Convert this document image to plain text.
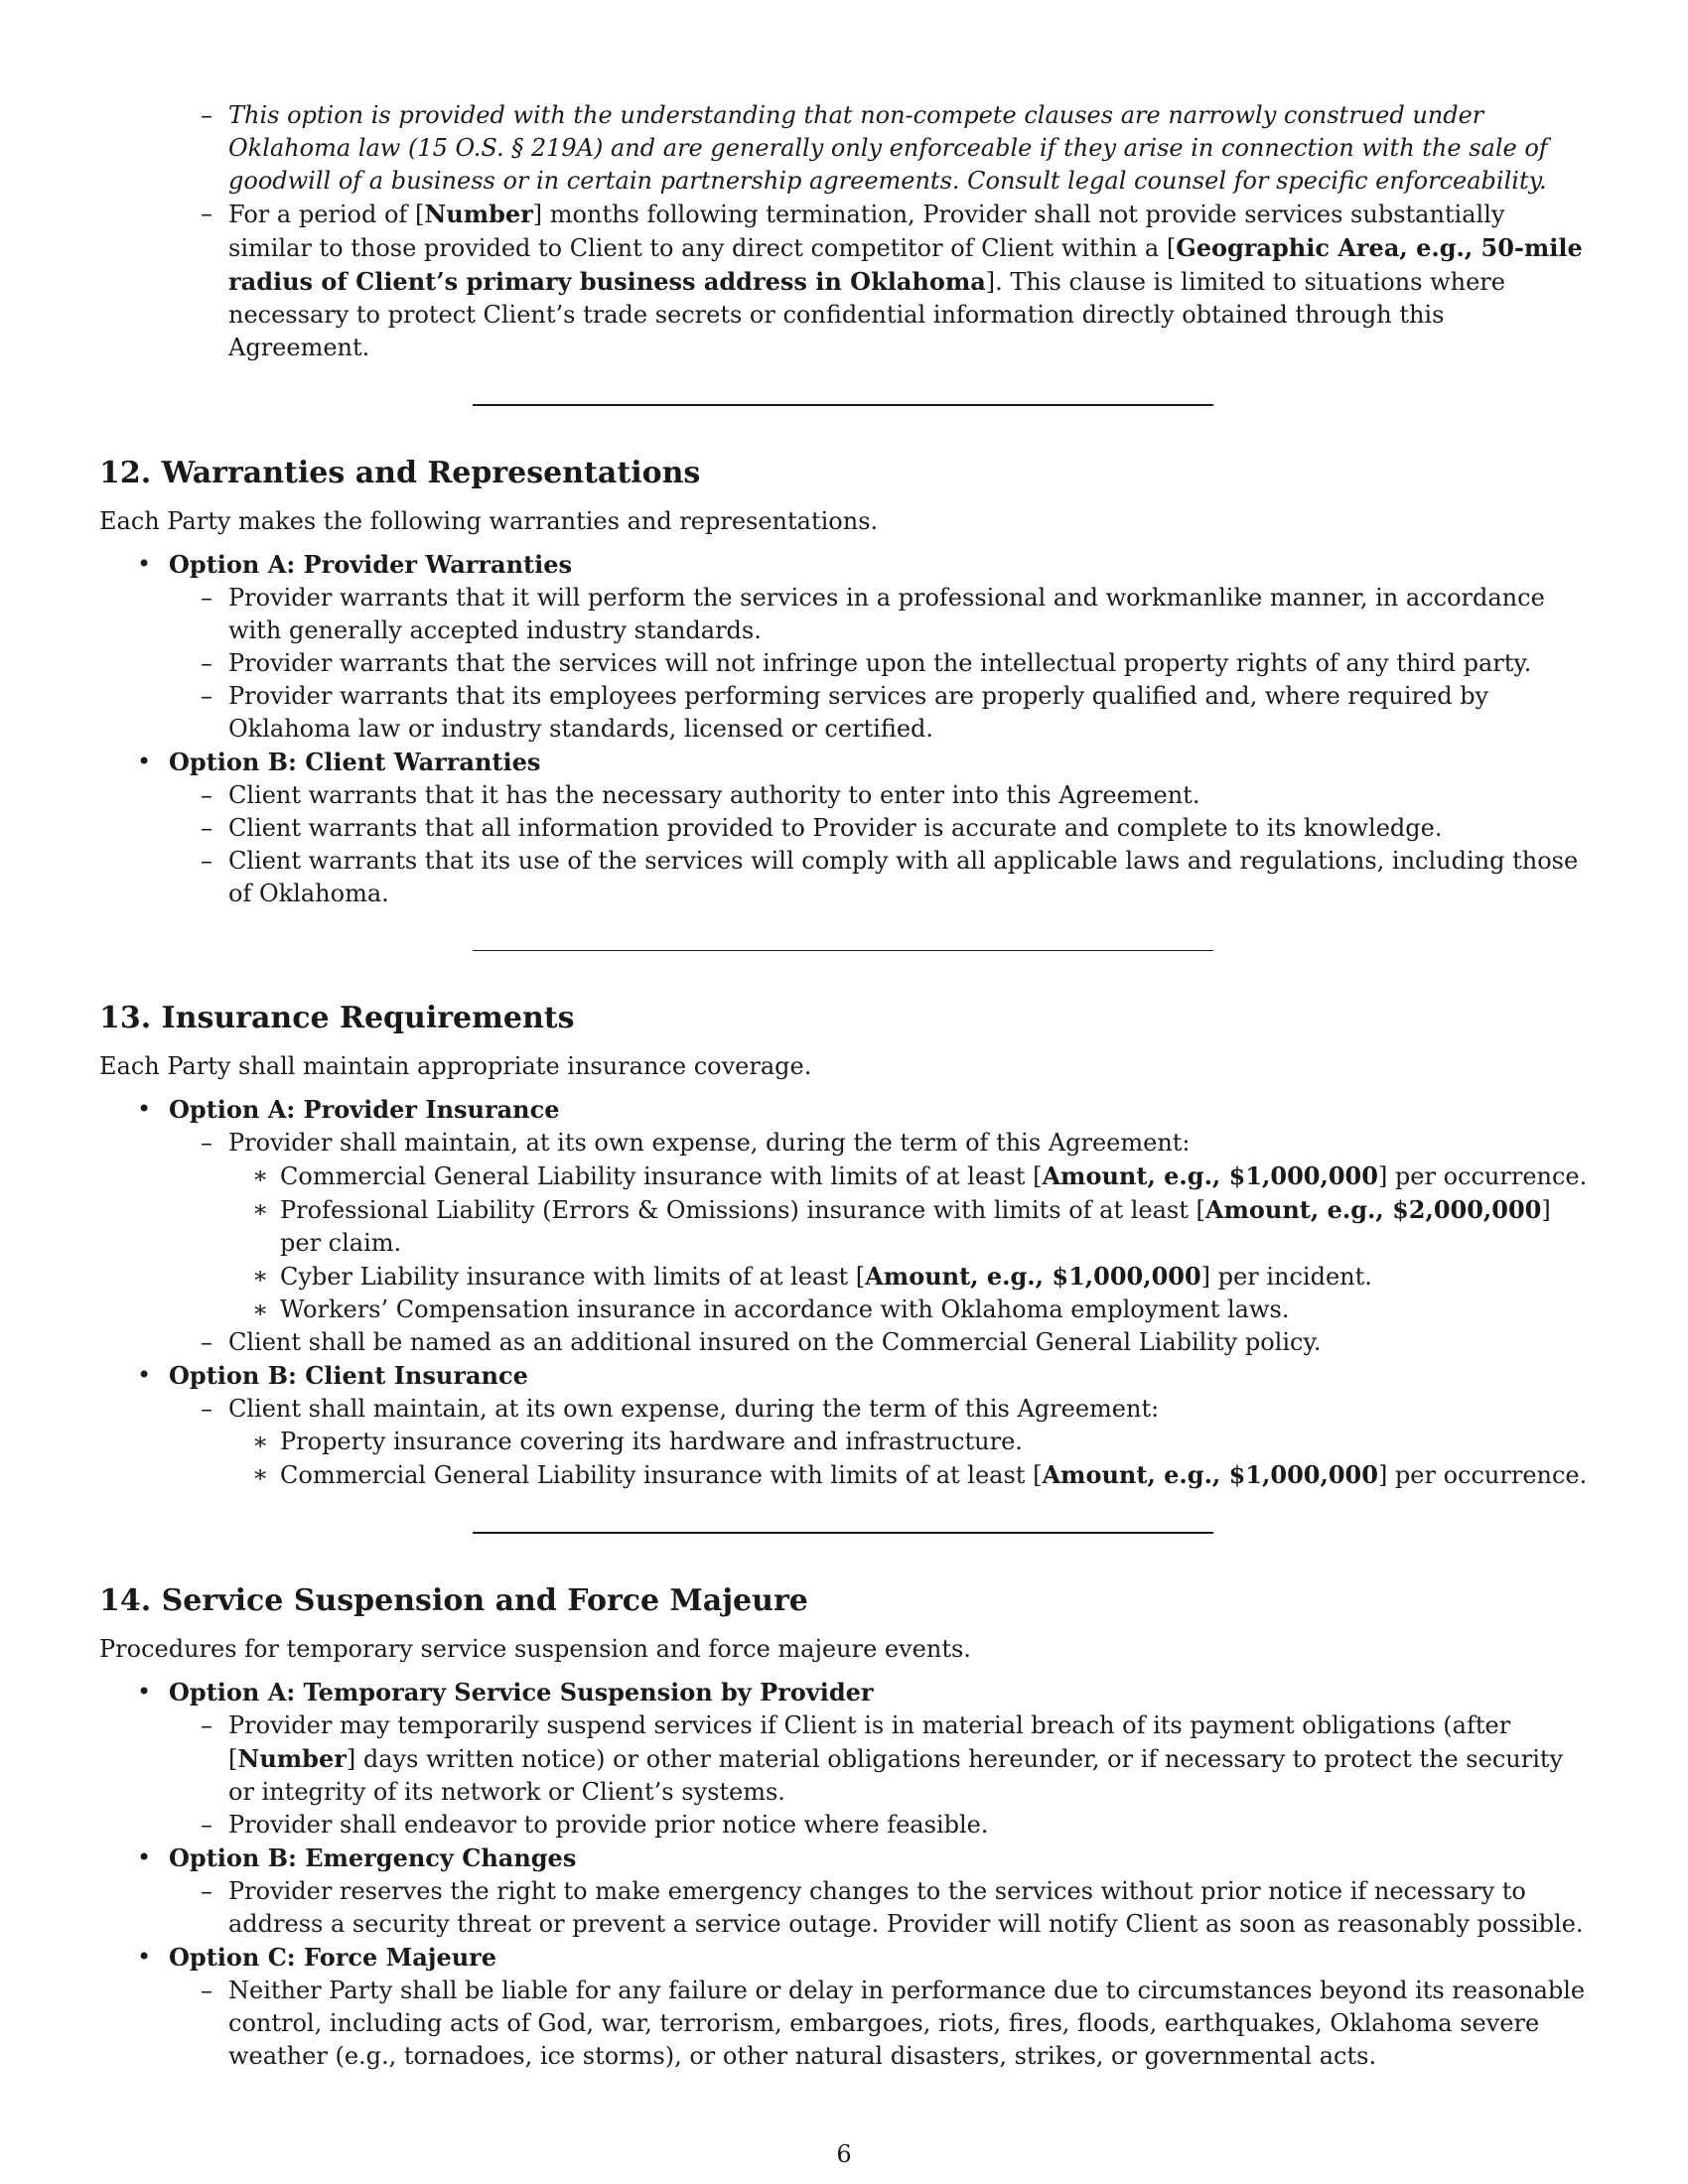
– This option is provided with the understanding that non-compete clauses are narrowly construed under Oklahoma law (15 O.S. § 219A) and are generally only enforceable if they arise in connection with the sale of goodwill of a business or in certain partnership agreements. Consult legal counsel for specific enforceability.
– For a period of [Number] months following termination, Provider shall not provide services substantially similar to those provided to Client to any direct competitor of Client within a [Geographic Area, e.g., 50-mile radius of Client’s primary business address in Oklahoma]. This clause is limited to situations where necessary to protect Client’s trade secrets or confidential information directly obtained through this Agreement.
12. Warranties and Representations

Each Party makes the following warranties and representations.

• Option A: Provider Warranties
– Provider warrants that it will perform the services in a professional and workmanlike manner, in accordance with generally accepted industry standards.
– Provider warrants that the services will not infringe upon the intellectual property rights of any third party.
– Provider warrants that its employees performing services are properly qualified and, where required by Oklahoma law or industry standards, licensed or certified.
• Option B: Client Warranties
– Client warrants that it has the necessary authority to enter into this Agreement.
– Client warrants that all information provided to Provider is accurate and complete to its knowledge.
– Client warrants that its use of the services will comply with all applicable laws and regulations, including those of Oklahoma.
13. Insurance Requirements

Each Party shall maintain appropriate insurance coverage.

• Option A: Provider Insurance
– Provider shall maintain, at its own expense, during the term of this Agreement:
∗ Commercial General Liability insurance with limits of at least [Amount, e.g., $1,000,000] per occurrence.
∗ Professional Liability (Errors & Omissions) insurance with limits of at least [Amount, e.g., $2,000,000] per claim.
∗ Cyber Liability insurance with limits of at least [Amount, e.g., $1,000,000] per incident.
∗ Workers’ Compensation insurance in accordance with Oklahoma employment laws.
– Client shall be named as an additional insured on the Commercial General Liability policy.
• Option B: Client Insurance
– Client shall maintain, at its own expense, during the term of this Agreement:
∗ Property insurance covering its hardware and infrastructure.
∗ Commercial General Liability insurance with limits of at least [Amount, e.g., $1,000,000] per occurrence.
14. Service Suspension and Force Majeure

Procedures for temporary service suspension and force majeure events.

• Option A: Temporary Service Suspension by Provider
– Provider may temporarily suspend services if Client is in material breach of its payment obligations (after [Number] days written notice) or other material obligations hereunder, or if necessary to protect the security or integrity of its network or Client’s systems.
– Provider shall endeavor to provide prior notice where feasible.
• Option B: Emergency Changes
– Provider reserves the right to make emergency changes to the services without prior notice if necessary to address a security threat or prevent a service outage. Provider will notify Client as soon as reasonably possible.
• Option C: Force Majeure
– Neither Party shall be liable for any failure or delay in performance due to circumstances beyond its reasonable control, including acts of God, war, terrorism, embargoes, riots, fires, floods, earthquakes, Oklahoma severe weather (e.g., tornadoes, ice storms), or other natural disasters, strikes, or governmental acts.
6
